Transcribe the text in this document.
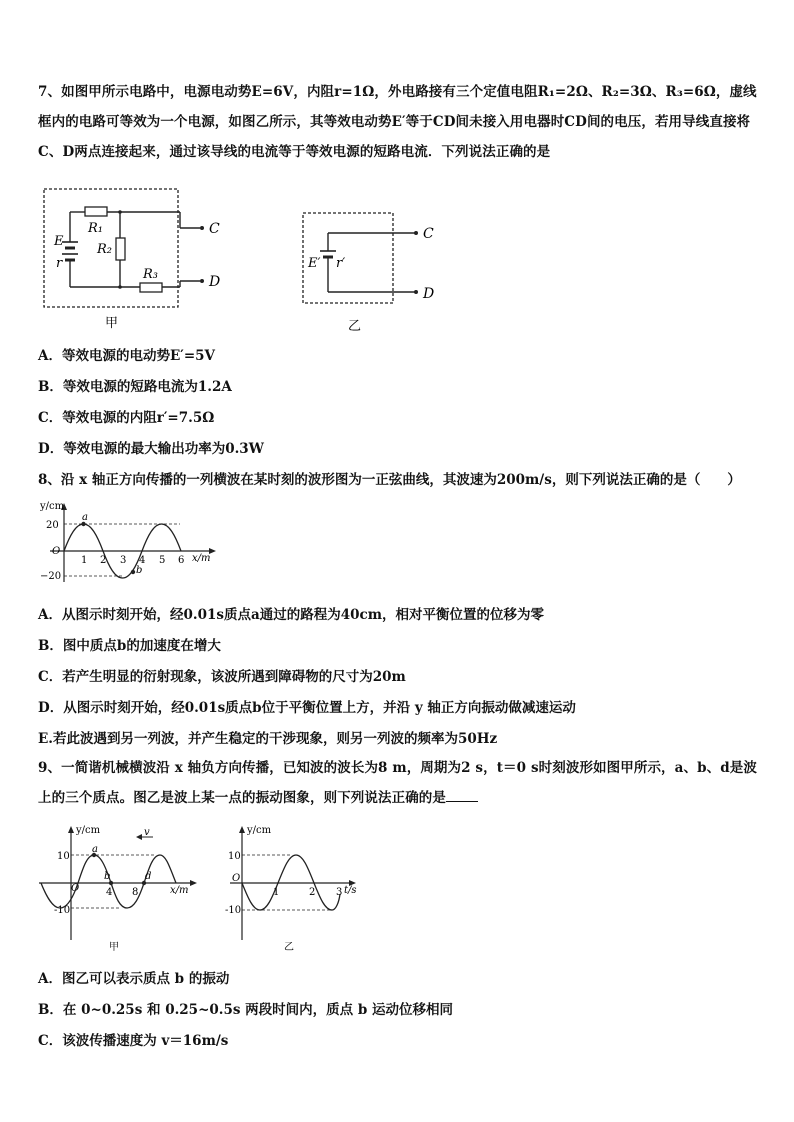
7、如图甲所示电路中，电源电动势E=6V，内阻r=1Ω，外电路接有三个定值电阻R₁=2Ω、R₂=3Ω、R₃=6Ω，虚线框内的电路可等效为一个电源，如图乙所示，其等效电动势E′等于CD间未接入用电器时CD间的电压，若用导线直接将C、D两点连接起来，通过该导线的电流等于等效电源的短路电流．下列说法正确的是
E
r
R₁
R₂
R₃
C
D
甲
C
E′ r′
D
乙
A．等效电源的电动势E′=5V
B．等效电源的短路电流为1.2A
C．等效电源的内阻r′=7.5Ω
D．等效电源的最大输出功率为0.3W
8、沿 x 轴正方向传播的一列横波在某时刻的波形图为一正弦曲线，其波速为200m/s，则下列说法正确的是（　　）
y/cm
x/m
O
20
−20
1 2 3 4 5 6
a
b
A．从图示时刻开始，经0.01s质点a通过的路程为40cm，相对平衡位置的位移为零
B．图中质点b的加速度在增大
C．若产生明显的衍射现象，该波所遇到障碍物的尺寸为20m
D．从图示时刻开始，经0.01s质点b位于平衡位置上方，并沿 y 轴正方向振动做减速运动
E.若此波遇到另一列波，并产生稳定的干涉现象，则另一列波的频率为50Hz
9、一简谐机械横波沿 x 轴负方向传播，已知波的波长为8 m，周期为2 s，t＝0 s时刻波形如图甲所示，a、b、d是波上的三个质点。图乙是波上某一点的振动图象，则下列说法正确的是
y/cm
x/m
O
10
-10
a
b	d
4 8
v
甲
y/cm
t/s
O
10
-10
1	2 3
乙
A．图乙可以表示质点 b 的振动
B．在 0~0.25s 和 0.25~0.5s 两段时间内，质点 b 运动位移相同
C．该波传播速度为 v＝16m/s
